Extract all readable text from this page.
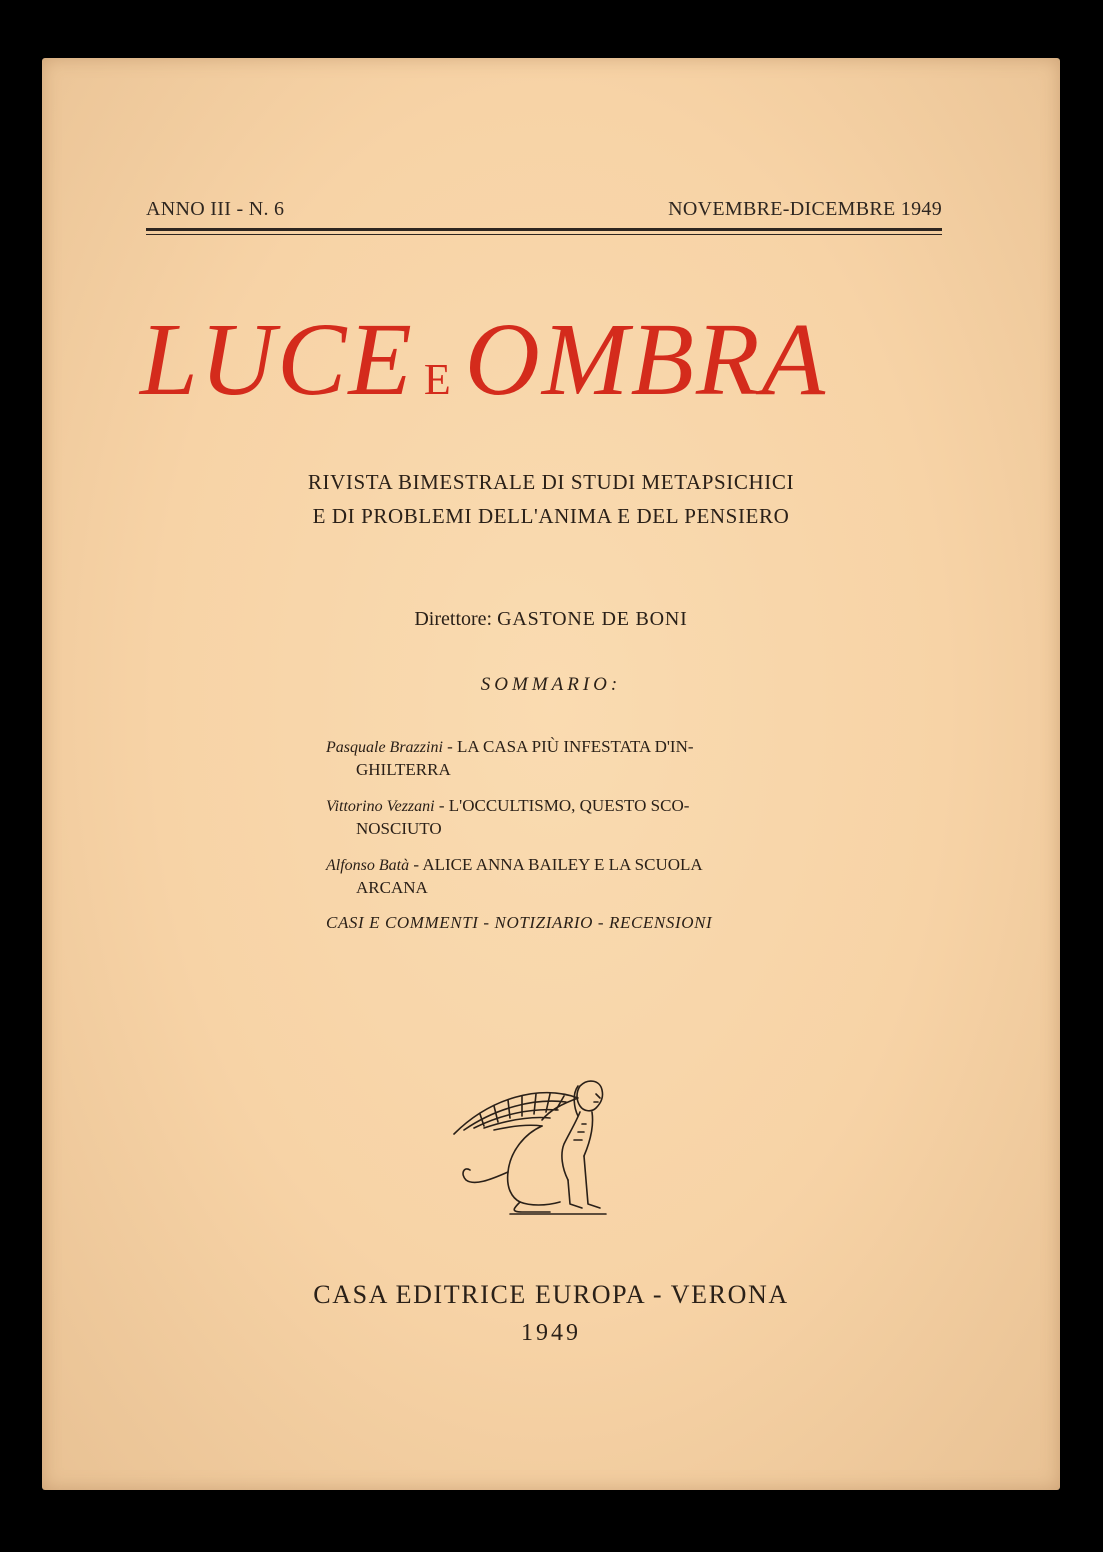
ANNO III - N. 6	NOVEMBRE-DICEMBRE 1949
LUCE E OMBRA
RIVISTA BIMESTRALE DI STUDI METAPSICHICI
E DI PROBLEMI DELL'ANIMA E DEL PENSIERO
Direttore: GASTONE DE BONI
SOMMARIO:
Pasquale Brazzini - LA CASA PIÙ INFESTATA D'IN-
GHILTERRA
Vittorino Vezzani - L'OCCULTISMO, QUESTO SCO-
NOSCIUTO
Alfonso Batà - ALICE ANNA BAILEY E LA SCUOLA
ARCANA
CASI E COMMENTI - NOTIZIARIO - RECENSIONI
CASA EDITRICE EUROPA - VERONA
1949
